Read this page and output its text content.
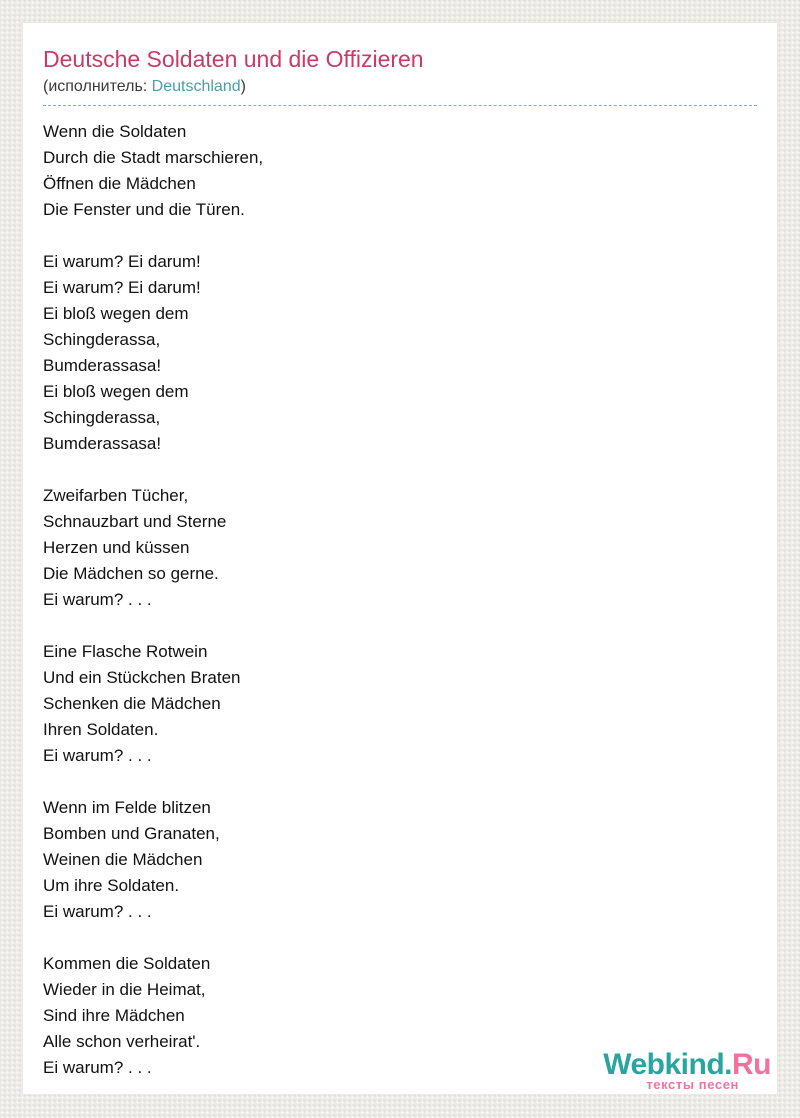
Deutsche Soldaten und die Offizieren
(исполнитель: Deutschland)
Wenn die Soldaten
Durch die Stadt marschieren,
Öffnen die Mädchen
Die Fenster und die Türen.
Ei warum? Ei darum!
Ei warum? Ei darum!
Ei bloß wegen dem
Schingderassa,
Bumderassasa!
Ei bloß wegen dem
Schingderassa,
Bumderassasa!
Zweifarben Tücher,
Schnauzbart und Sterne
Herzen und küssen
Die Mädchen so gerne.
Ei warum? . . .
Eine Flasche Rotwein
Und ein Stückchen Braten
Schenken die Mädchen
Ihren Soldaten.
Ei warum? . . .
Wenn im Felde blitzen
Bomben und Granaten,
Weinen die Mädchen
Um ihre Soldaten.
Ei warum? . . .
Kommen die Soldaten
Wieder in die Heimat,
Sind ihre Mädchen
Alle schon verheirat'.
Ei warum? . . .	Webkind.Ru
тексты песен
